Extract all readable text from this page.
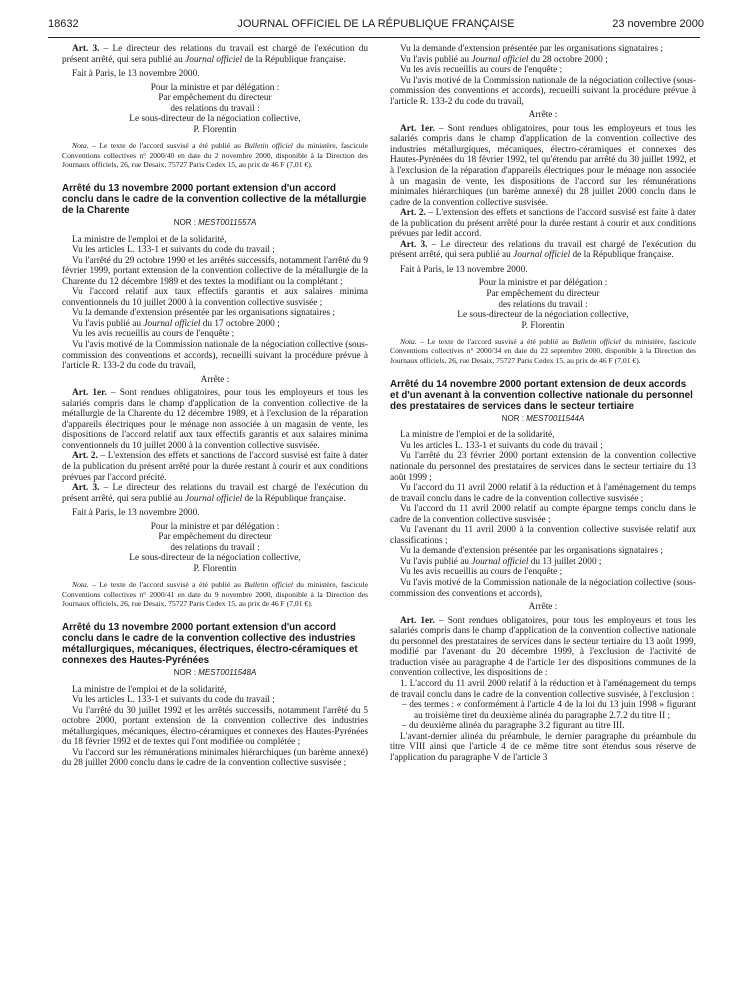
18632	JOURNAL OFFICIEL DE LA RÉPUBLIQUE FRANÇAISE	23 novembre 2000

Art. 3. – Le directeur des relations du travail est chargé de l'exécution du présent arrêté, qui sera publié au Journal officiel de la République française.

Fait à Paris, le 13 novembre 2000.

Pour la ministre et par délégation :

Par empêchement du directeur

des relations du travail :

Le sous-directeur de la négociation collective,

P. Florentin

Nota. – Le texte de l'accord susvisé a été publié au Bulletin officiel du ministère, fascicule Conventions collectives n° 2000/40 en date du 2 novembre 2000, disponible à la Direction des Journaux officiels, 26, rue Desaix, 75727 Paris Cedex 15, au prix de 46 F (7,01 €).

Arrêté du 13 novembre 2000 portant extension d'un accord conclu dans le cadre de la convention collective de la métallurgie de la Charente

NOR : MEST0011557A

La ministre de l'emploi et de la solidarité,

Vu les articles L. 133-1 et suivants du code du travail ;

Vu l'arrêté du 29 octobre 1990 et les arrêtés successifs, notamment l'arrêté du 9 février 1999, portant extension de la convention collective de la métallurgie de la Charente du 12 décembre 1989 et des textes la modifiant ou la complétant ;

Vu l'accord relatif aux taux effectifs garantis et aux salaires minima conventionnels du 10 juillet 2000 à la convention collective susvisée ;

Vu la demande d'extension présentée par les organisations signataires ;

Vu l'avis publié au Journal officiel du 17 octobre 2000 ;

Vu les avis recueillis au cours de l'enquête ;

Vu l'avis motivé de la Commission nationale de la négociation collective (sous-commission des conventions et accords), recueilli suivant la procédure prévue à l'article R. 133-2 du code du travail,

Arrête :

Art. 1er. – Sont rendues obligatoires, pour tous les employeurs et tous les salariés compris dans le champ d'application de la convention collective de la métallurgie de la Charente du 12 décembre 1989, et à l'exclusion de la réparation d'appareils électriques pour le ménage non associée à un magasin de vente, les dispositions de l'accord relatif aux taux effectifs garantis et aux salaires minima conventionnels du 10 juillet 2000 à la convention collective susvisée.

Art. 2. – L'extension des effets et sanctions de l'accord susvisé est faite à dater de la publication du présent arrêté pour la durée restant à courir et aux conditions prévues par l'accord précité.

Art. 3. – Le directeur des relations du travail est chargé de l'exécution du présent arrêté, qui sera publié au Journal officiel de la République française.

Fait à Paris, le 13 novembre 2000.

Pour la ministre et par délégation :

Par empêchement du directeur

des relations du travail :

Le sous-directeur de la négociation collective,

P. Florentin

Nota. – Le texte de l'accord susvisé a été publié au Bulletin officiel du ministère, fascicule Conventions collectives n° 2000/41 en date du 9 novembre 2000, disponible à la Direction des Journaux officiels, 26, rue Desaix, 75727 Paris Cedex 15, au prix de 46 F (7,01 €).

Arrêté du 13 novembre 2000 portant extension d'un accord conclu dans le cadre de la convention collective des industries métallurgiques, mécaniques, électriques, électro-céramiques et connexes des Hautes-Pyrénées

NOR : MEST0011548A

La ministre de l'emploi et de la solidarité,

Vu les articles L. 133-1 et suivants du code du travail ;

Vu l'arrêté du 30 juillet 1992 et les arrêtés successifs, notamment l'arrêté du 5 octobre 2000, portant extension de la convention collective des industries métallurgiques, mécaniques, électro-céramiques et connexes des Hautes-Pyrénées du 18 février 1992 et de textes qui l'ont modifiée ou complétée ;

Vu l'accord sur les rémunérations minimales hiérarchiques (un barème annexé) du 28 juillet 2000 conclu dans le cadre de la convention collective susvisée ;

Vu la demande d'extension présentée par les organisations signataires ;

Vu l'avis publié au Journal officiel du 28 octobre 2000 ;

Vu les avis recueillis au cours de l'enquête ;

Vu l'avis motivé de la Commission nationale de la négociation collective (sous-commission des conventions et accords), recueilli suivant la procédure prévue à l'article R. 133-2 du code du travail,

Arrête :

Art. 1er. – Sont rendues obligatoires, pour tous les employeurs et tous les salariés compris dans le champ d'application de la convention collective des industries métallurgiques, mécaniques, électro-céramiques et connexes des Hautes-Pyrénées du 18 février 1992, tel qu'étendu par arrêté du 30 juillet 1992, et à l'exclusion de la réparation d'appareils électriques pour le ménage non associée à un magasin de vente, les dispositions de l'accord sur les rémunérations minimales hiérarchiques (un barème annexé) du 28 juillet 2000 conclu dans le cadre de la convention collective susvisée.

Art. 2. – L'extension des effets et sanctions de l'accord susvisé est faite à dater de la publication du présent arrêté pour la durée restant à courir et aux conditions prévues par ledit accord.

Art. 3. – Le directeur des relations du travail est chargé de l'exécution du présent arrêté, qui sera publié au Journal officiel de la République française.

Fait à Paris, le 13 novembre 2000.

Pour la ministre et par délégation :

Par empêchement du directeur

des relations du travail :

Le sous-directeur de la négociation collective,

P. Florentin

Nota. – Le texte de l'accord susvisé a été publié au Bulletin officiel du ministère, fascicule Conventions collectives n° 2000/34 en date du 22 septembre 2000, disponible à la Direction des Journaux officiels, 26, rue Desaix, 75727 Paris Cedex 15, au prix de 46 F (7,01 €).

Arrêté du 14 novembre 2000 portant extension de deux accords et d'un avenant à la convention collective nationale du personnel des prestataires de services dans le secteur tertiaire

NOR : MEST0011544A

La ministre de l'emploi et de la solidarité,

Vu les articles L. 133-1 et suivants du code du travail ;

Vu l'arrêté du 23 février 2000 portant extension de la convention collective nationale du personnel des prestataires de services dans le secteur tertiaire du 13 août 1999 ;

Vu l'accord du 11 avril 2000 relatif à la réduction et à l'aménagement du temps de travail conclu dans le cadre de la convention collective susvisée ;

Vu l'accord du 11 avril 2000 relatif au compte épargne temps conclu dans le cadre de la convention collective susvisée ;

Vu l'avenant du 11 avril 2000 à la convention collective susvisée relatif aux classifications ;

Vu la demande d'extension présentée par les organisations signataires ;

Vu l'avis publié au Journal officiel du 13 juillet 2000 ;

Vu les avis recueillis au cours de l'enquête ;

Vu l'avis motivé de la Commission nationale de la négociation collective (sous-commission des conventions et accords),

Arrête :

Art. 1er. – Sont rendues obligatoires, pour tous les employeurs et tous les salariés compris dans le champ d'application de la convention collective nationale du personnel des prestataires de services dans le secteur tertiaire du 13 août 1999, modifié par l'avenant du 20 décembre 1999, à l'exclusion de l'activité de traduction visée au paragraphe 4 de l'article 1er des dispositions communes de la convention collective, les dispositions de :

1. L'accord du 11 avril 2000 relatif à la réduction et à l'aménagement du temps de travail conclu dans le cadre de la convention collective susvisée, à l'exclusion :

– des termes : « conformément à l'article 4 de la loi du 13 juin 1998 » figurant au troisième tiret du deuxième alinéa du paragraphe 2.7.2 du titre II ;

– du deuxième alinéa du paragraphe 3.2 figurant au titre III.

L'avant-dernier alinéa du préambule, le dernier paragraphe du préambule du titre VIII ainsi que l'article 4 de ce même titre sont étendus sous réserve de l'application du paragraphe V de l'article 3
